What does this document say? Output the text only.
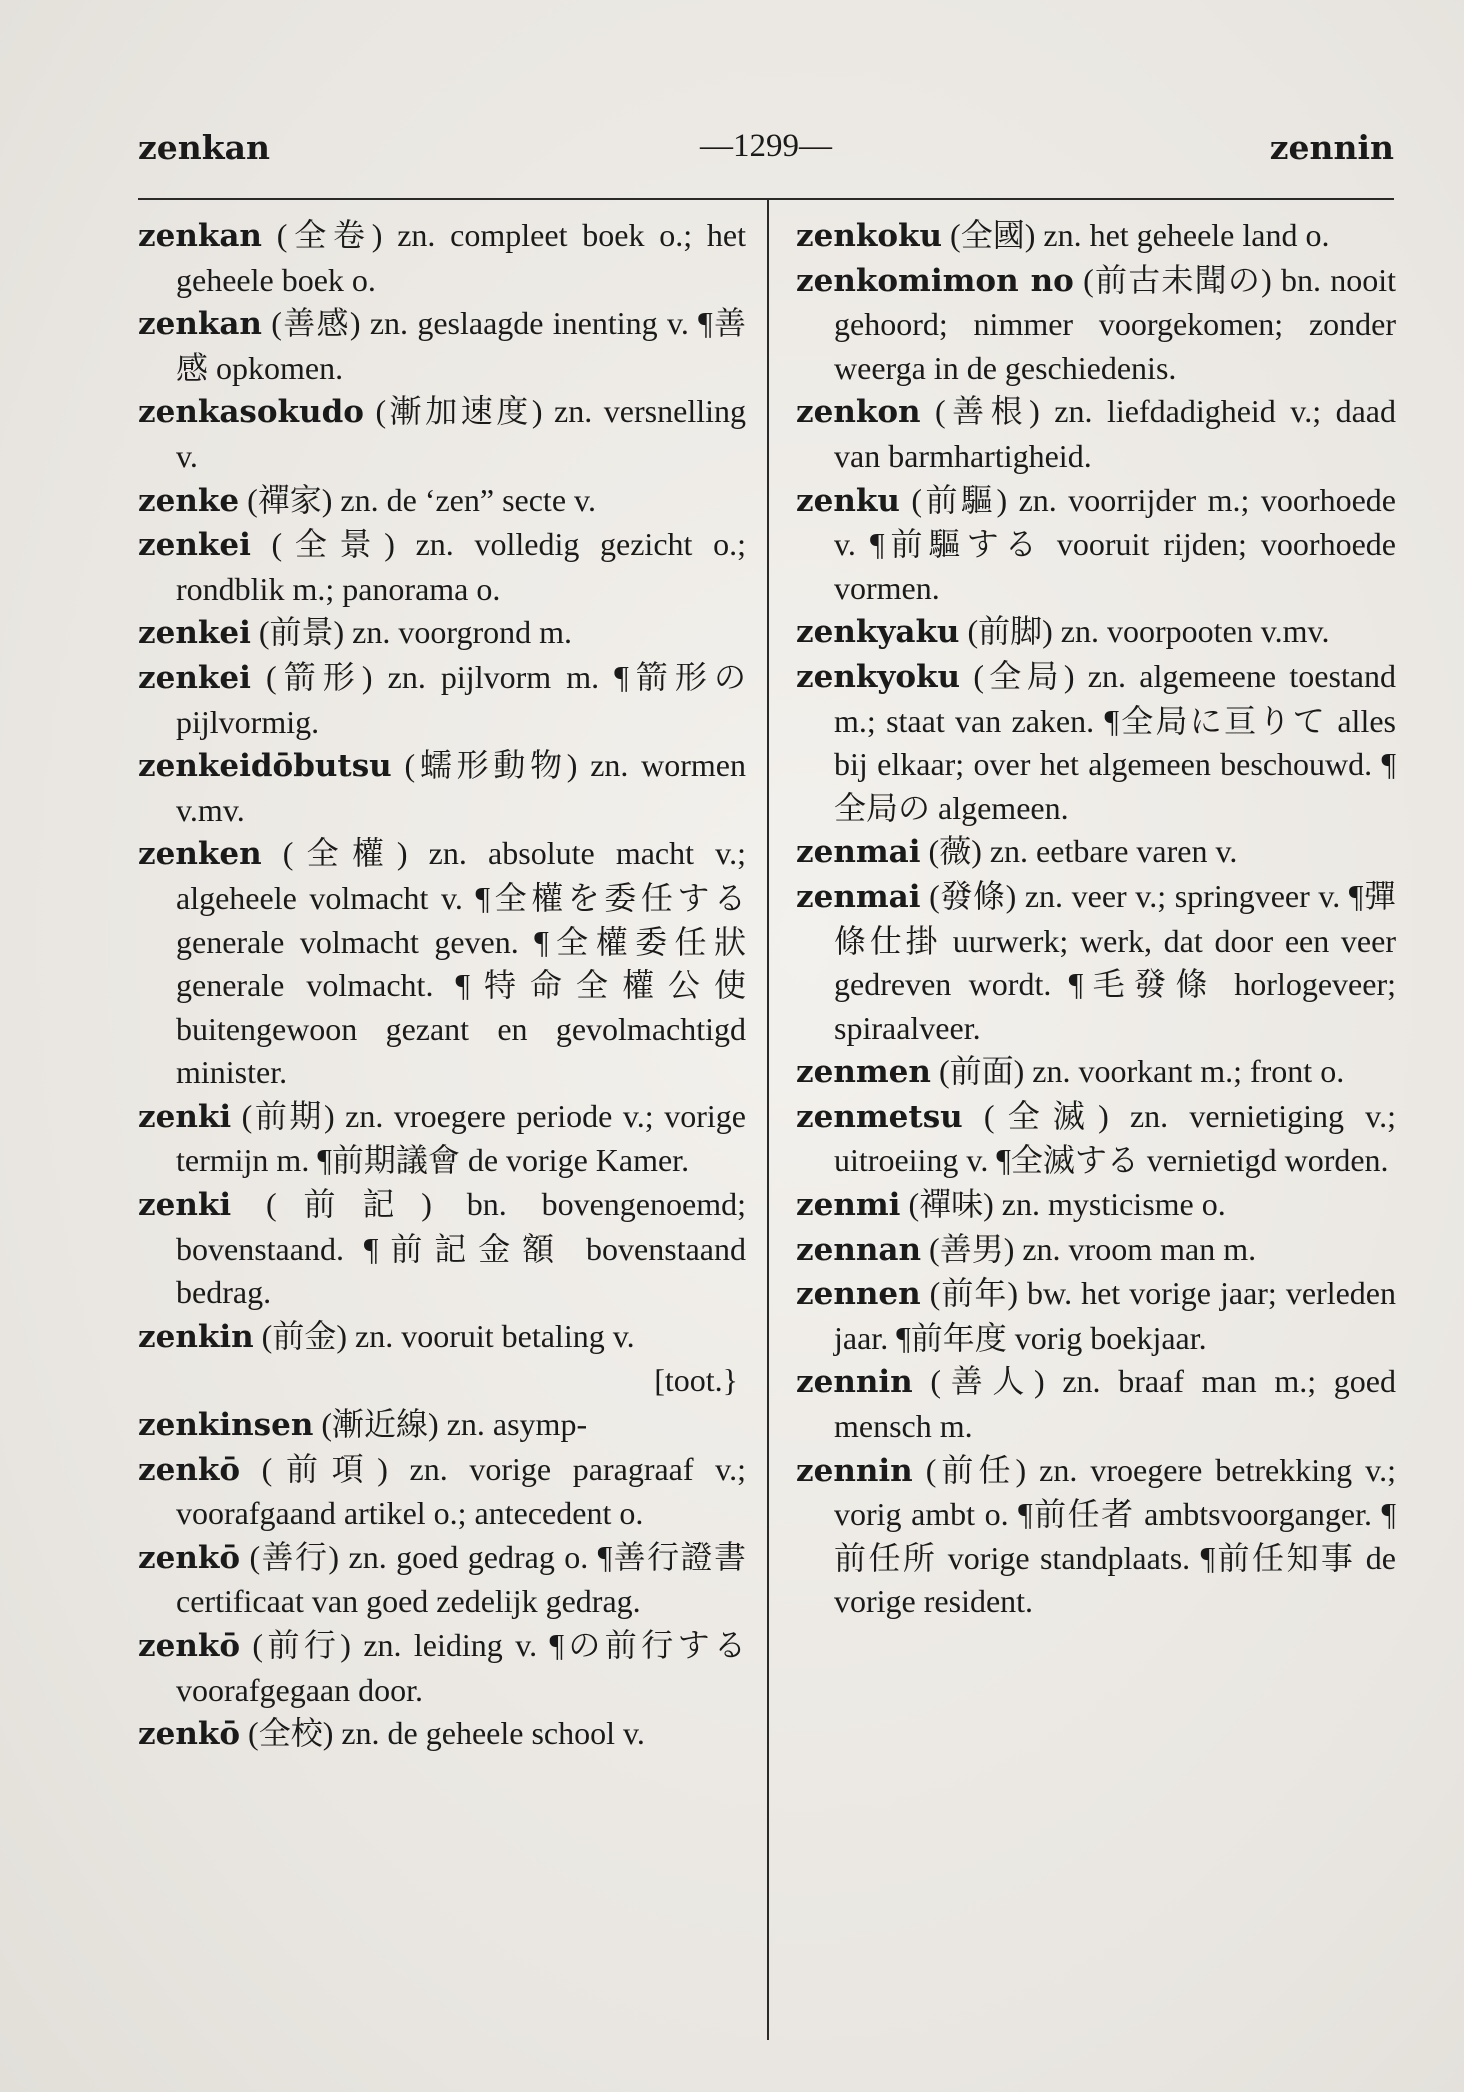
zenkan	—1299—	zennin

zenkan (全卷) zn. compleet boek o.; het geheele boek o.

zenkan (善感) zn. geslaagde inenting v. ¶善感 opkomen.

zenkasokudo (漸加速度) zn. versnelling v.

zenke (禪家) zn. de ‘zen” secte v.

zenkei (全景) zn. volledig gezicht o.; rondblik m.; panorama o.

zenkei (前景) zn. voorgrond m.

zenkei (箭形) zn. pijlvorm m. ¶箭形の pijlvormig.

zenkeidōbutsu (蠕形動物) zn. wormen v.mv.

zenken (全權) zn. absolute macht v.; algeheele volmacht v. ¶全權を委任する generale volmacht geven. ¶全權委任狀 generale volmacht. ¶特命全權公使 buitengewoon gezant en gevolmachtigd minister.

zenki (前期) zn. vroegere periode v.; vorige termijn m. ¶前期議會 de vorige Kamer.

zenki (前記) bn. bovengenoemd; bovenstaand. ¶前記金額 bovenstaand bedrag.

zenkin (前金) zn. vooruit betaling v.

[toot.}

zenkinsen (漸近線) zn. asymp-

zenkō (前項) zn. vorige paragraaf v.; voorafgaand artikel o.; antecedent o.

zenkō (善行) zn. goed gedrag o. ¶善行證書 certificaat van goed zedelijk gedrag.

zenkō (前行) zn. leiding v. ¶の前行する voorafgegaan door.

zenkō (全校) zn. de geheele school v.

zenkoku (全國) zn. het geheele land o.

zenkomimon no (前古未聞の) bn. nooit gehoord; nimmer voorgekomen; zonder weerga in de geschiedenis.

zenkon (善根) zn. liefdadigheid v.; daad van barmhartigheid.

zenku (前驅) zn. voorrijder m.; voorhoede v. ¶前驅する vooruit rijden; voorhoede vormen.

zenkyaku (前脚) zn. voorpooten v.mv.

zenkyoku (全局) zn. algemeene toestand m.; staat van zaken. ¶全局に亘りて alles bij elkaar; over het algemeen beschouwd. ¶全局の algemeen.

zenmai (薇) zn. eetbare varen v.

zenmai (發條) zn. veer v.; springveer v. ¶彈條仕掛 uurwerk; werk, dat door een veer gedreven wordt. ¶毛發條 horlogeveer; spiraalveer.

zenmen (前面) zn. voorkant m.; front o.

zenmetsu (全滅) zn. vernietiging v.; uitroeiing v. ¶全滅する vernietigd worden.

zenmi (禪味) zn. mysticisme o.

zennan (善男) zn. vroom man m.

zennen (前年) bw. het vorige jaar; verleden jaar. ¶前年度 vorig boekjaar.

zennin (善人) zn. braaf man m.; goed mensch m.

zennin (前任) zn. vroegere betrekking v.; vorig ambt o. ¶前任者 ambtsvoorganger. ¶前任所 vorige standplaats. ¶前任知事 de vorige resident.
